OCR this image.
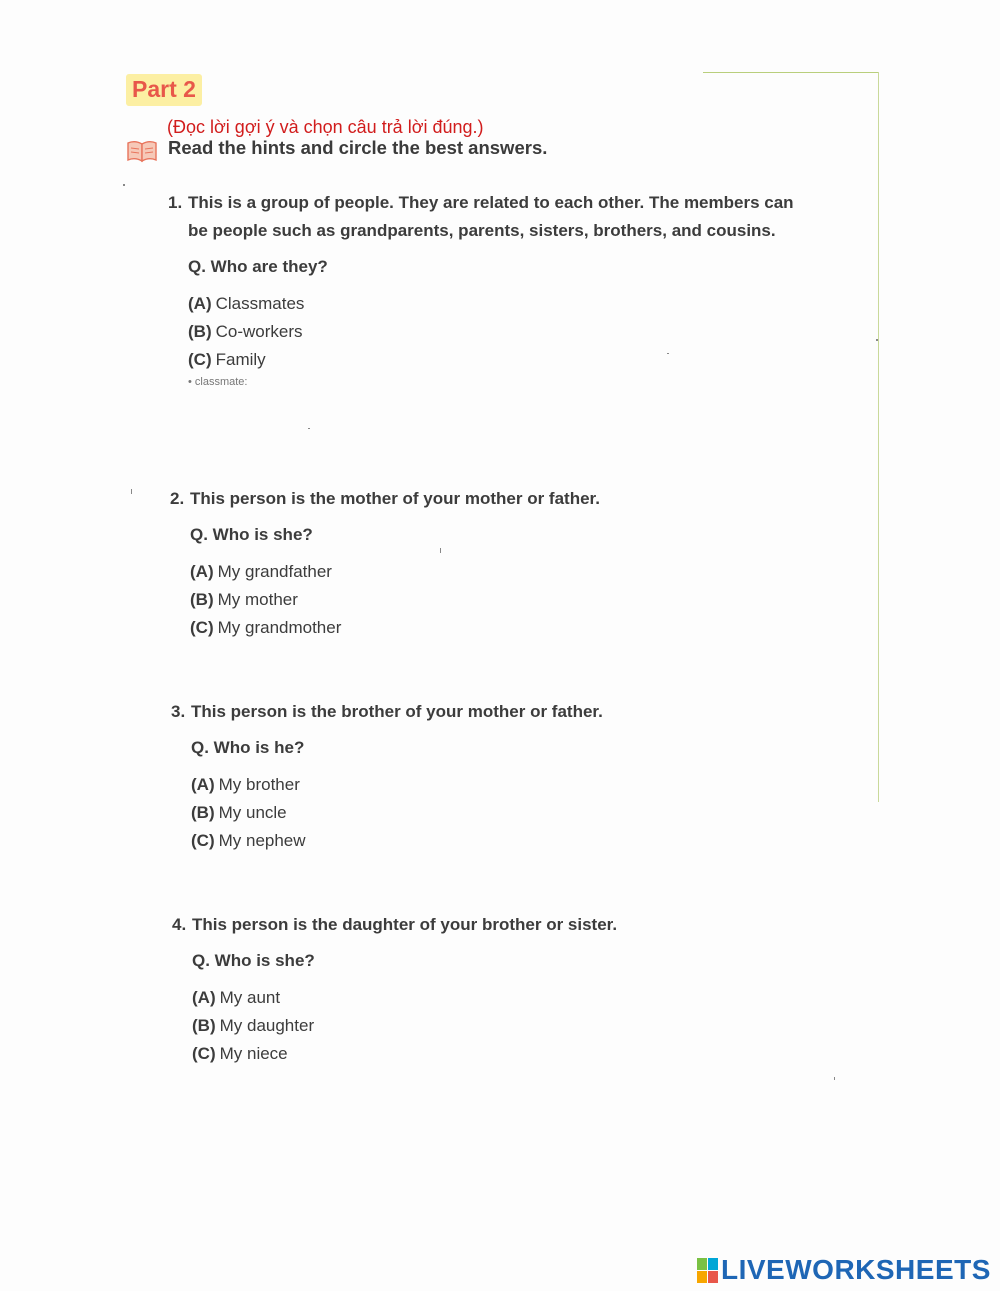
Part 2
(Đọc lời gợi ý và chọn câu trả lời đúng.)
Read the hints and circle the best answers.
1. This is a group of people. They are related to each other. The members can be people such as grandparents, parents, sisters, brothers, and cousins.
Q. Who are they?
(A) Classmates
(B) Co-workers
(C) Family
• classmate:
2. This person is the mother of your mother or father.
Q. Who is she?
(A) My grandfather
(B) My mother
(C) My grandmother
3. This person is the brother of your mother or father.
Q. Who is he?
(A) My brother
(B) My uncle
(C) My nephew
4. This person is the daughter of your brother or sister.
Q. Who is she?
(A) My aunt
(B) My daughter
(C) My niece
LIVEWORKSHEETS
